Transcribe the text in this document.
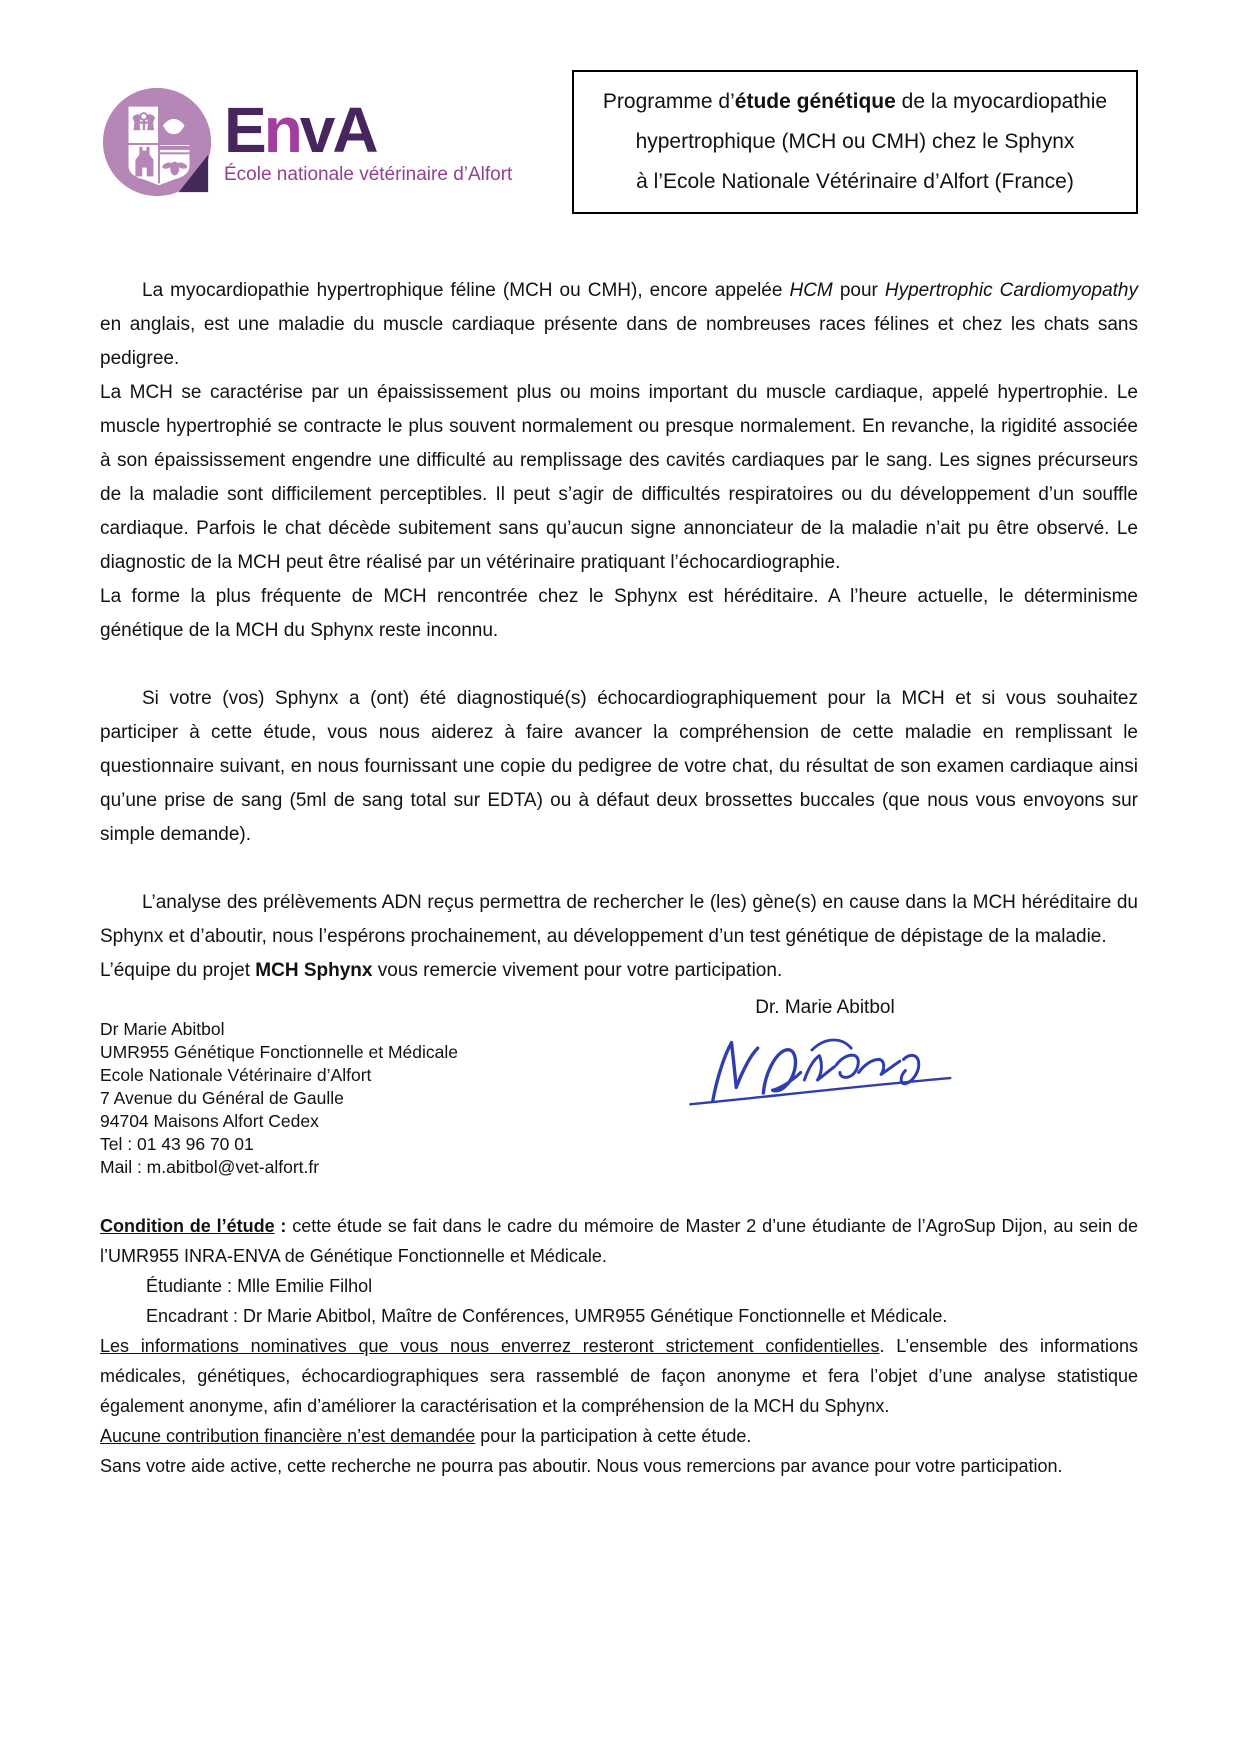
EnvA
École nationale vétérinaire d’Alfort
Programme d’étude génétique de la myocardiopathie
hypertrophique (MCH ou CMH) chez le Sphynx
à l’Ecole Nationale Vétérinaire d’Alfort (France)

La myocardiopathie hypertrophique féline (MCH ou CMH), encore appelée HCM pour Hypertrophic Cardiomyopathy en anglais, est une maladie du muscle cardiaque présente dans de nombreuses races félines et chez les chats sans pedigree.

La MCH se caractérise par un épaississement plus ou moins important du muscle cardiaque, appelé hypertrophie. Le muscle hypertrophié se contracte le plus souvent normalement ou presque normalement. En revanche, la rigidité associée à son épaississement engendre une difficulté au remplissage des cavités cardiaques par le sang. Les signes précurseurs de la maladie sont difficilement perceptibles. Il peut s’agir de difficultés respiratoires ou du développement d’un souffle cardiaque. Parfois le chat décède subitement sans qu’aucun signe annonciateur de la maladie n’ait pu être observé. Le diagnostic de la MCH peut être réalisé par un vétérinaire pratiquant l’échocardiographie.

La forme la plus fréquente de MCH rencontrée chez le Sphynx est héréditaire. A l’heure actuelle, le déterminisme génétique de la MCH du Sphynx reste inconnu.

Si votre (vos) Sphynx a (ont) été diagnostiqué(s) échocardiographiquement pour la MCH et si vous souhaitez participer à cette étude, vous nous aiderez à faire avancer la compréhension de cette maladie en remplissant le questionnaire suivant, en nous fournissant une copie du pedigree de votre chat, du résultat de son examen cardiaque ainsi qu’une prise de sang (5ml de sang total sur EDTA) ou à défaut deux brossettes buccales (que nous vous envoyons sur simple demande).

L’analyse des prélèvements ADN reçus permettra de rechercher le (les) gène(s) en cause dans la MCH héréditaire du Sphynx et d’aboutir, nous l’espérons prochainement, au développement d’un test génétique de dépistage de la maladie.

L’équipe du projet MCH Sphynx vous remercie vivement pour votre participation.

Dr Marie Abitbol
UMR955 Génétique Fonctionnelle et Médicale
Ecole Nationale Vétérinaire d’Alfort
7 Avenue du Général de Gaulle
94704 Maisons Alfort Cedex
Tel : 01 43 96 70 01
Mail : m.abitbol@vet-alfort.fr
Dr. Marie Abitbol

Condition de l’étude : cette étude se fait dans le cadre du mémoire de Master 2 d’une étudiante de l’AgroSup Dijon, au sein de l’UMR955 INRA-ENVA de Génétique Fonctionnelle et Médicale.

Étudiante : Mlle Emilie Filhol

Encadrant : Dr Marie Abitbol, Maître de Conférences, UMR955 Génétique Fonctionnelle et Médicale.

Les informations nominatives que vous nous enverrez resteront strictement confidentielles. L’ensemble des informations médicales, génétiques, échocardiographiques sera rassemblé de façon anonyme et fera l’objet d’une analyse statistique également anonyme, afin d’améliorer la caractérisation et la compréhension de la MCH du Sphynx.

Aucune contribution financière n’est demandée pour la participation à cette étude.

Sans votre aide active, cette recherche ne pourra pas aboutir. Nous vous remercions par avance pour votre participation.
